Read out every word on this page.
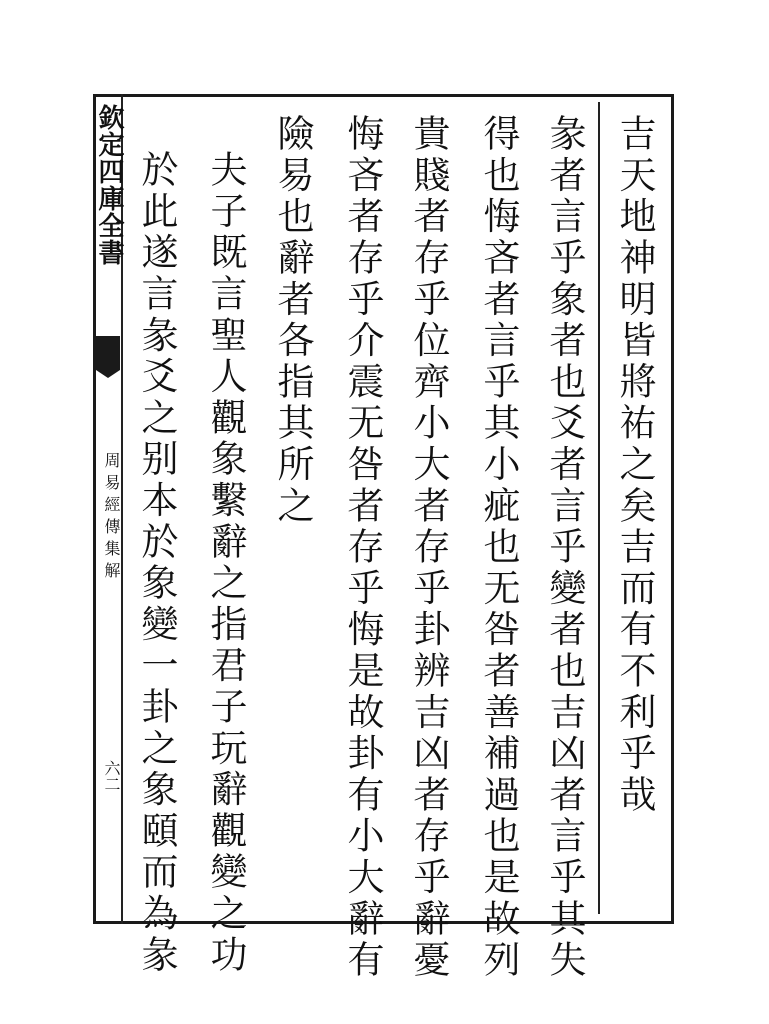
欽定四庫全書
周易經傳集解
六二	吉天地神明皆將祐之矣吉而有不利乎哉
彖者言乎象者也爻者言乎變者也吉凶者言乎其失
得也悔吝者言乎其小疵也无咎者善補過也是故列
貴賤者存乎位齊小大者存乎卦辨吉凶者存乎辭憂
悔吝者存乎介震无咎者存乎悔是故卦有小大辭有
險易也辭者各指其所之
夫子既言聖人觀象繫辭之指君子玩辭觀變之功
於此遂言彖爻之别本於象變一卦之象頤而為彖
